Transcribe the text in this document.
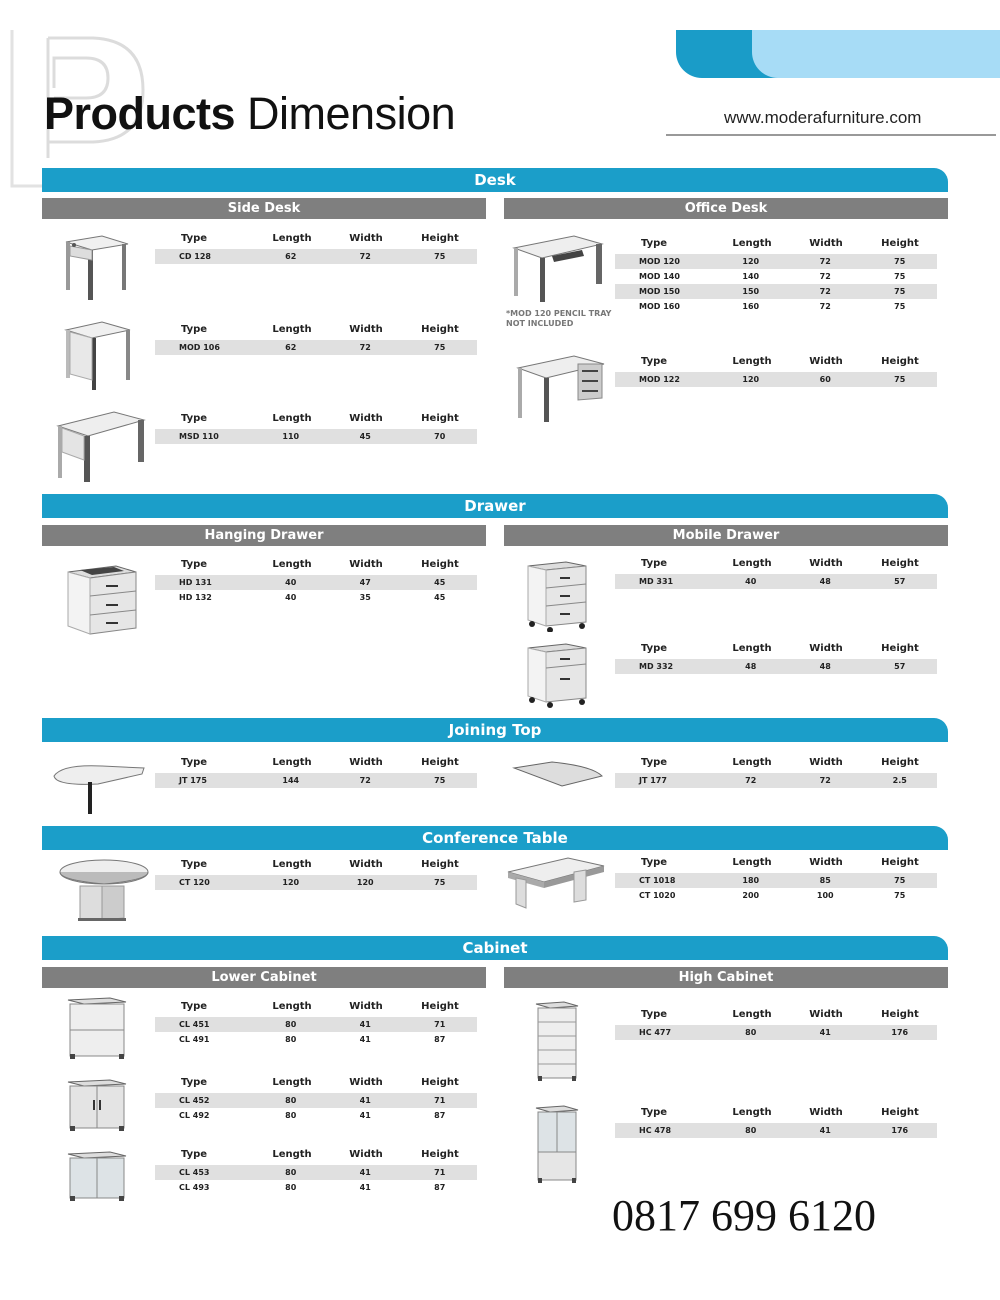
Products Dimension	www.moderafurniture.com
Desk
Side Desk	Office Desk
Type	Length	Width	Height
CD 128	62	72	75
Type	Length	Width	Height
MOD 106	62	72	75
Type	Length	Width	Height
MSD 110	110	45	70
*MOD 120 PENCIL TRAY
NOT INCLUDED
Type	Length	Width	Height
MOD 120	120	72	75
MOD 140	140	72	75
MOD 150	150	72	75
MOD 160	160	72	75
Type	Length	Width	Height
MOD 122	120	60	75
Drawer
Hanging Drawer	Mobile Drawer
Type	Length	Width	Height
HD 131	40	47	45
HD 132	40	35	45
Type	Length	Width	Height
MD 331	40	48	57
Type	Length	Width	Height
MD 332	48	48	57
Joining Top
Type	Length	Width	Height
JT 175	144	72	75
Type	Length	Width	Height
JT 177	72	72	2.5
Conference Table
Type	Length	Width	Height
CT 120	120	120	75
Type	Length	Width	Height
CT 1018	180	85	75
CT 1020	200	100	75
Cabinet
Lower Cabinet	High Cabinet
Type	Length	Width	Height
CL 451	80	41	71
CL 491	80	41	87
Type	Length	Width	Height
CL 452	80	41	71
CL 492	80	41	87
Type	Length	Width	Height
CL 453	80	41	71
CL 493	80	41	87
Type	Length	Width	Height
HC 477	80	41	176
Type	Length	Width	Height
HC 478	80	41	176
0817 699 6120
